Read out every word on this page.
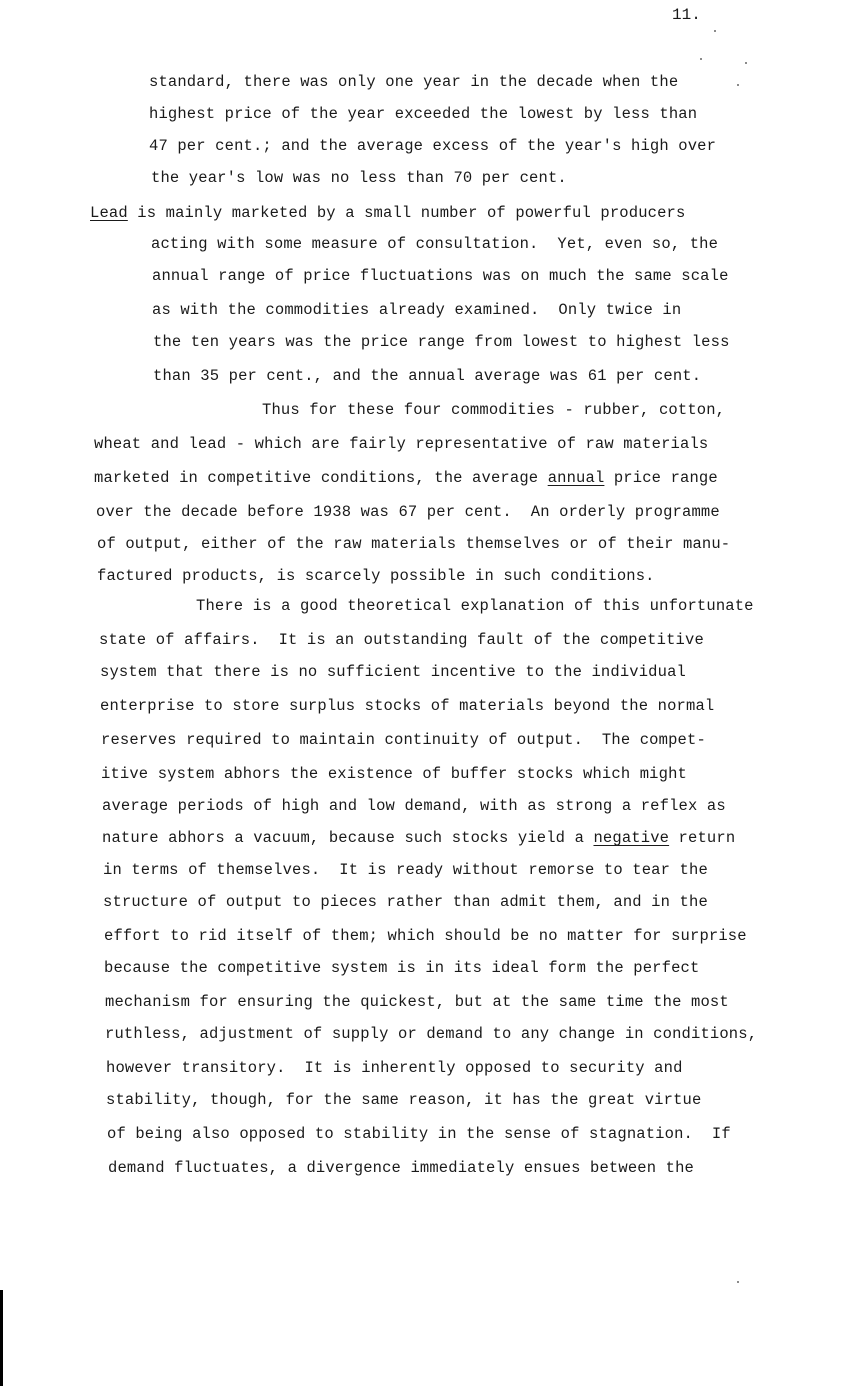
11.
standard, there was only one year in the decade when the
highest price of the year exceeded the lowest by less than
47 per cent.; and the average excess of the year's high over
the year's low was no less than 70 per cent.
Lead is mainly marketed by a small number of powerful producers
acting with some measure of consultation.  Yet, even so, the
annual range of price fluctuations was on much the same scale
as with the commodities already examined.  Only twice in
the ten years was the price range from lowest to highest less
than 35 per cent., and the annual average was 61 per cent.
Thus for these four commodities - rubber, cotton,
wheat and lead - which are fairly representative of raw materials
marketed in competitive conditions, the average annual price range
over the decade before 1938 was 67 per cent.  An orderly programme
of output, either of the raw materials themselves or of their manu-
factured products, is scarcely possible in such conditions.
There is a good theoretical explanation of this unfortunate
state of affairs.  It is an outstanding fault of the competitive
system that there is no sufficient incentive to the individual
enterprise to store surplus stocks of materials beyond the normal
reserves required to maintain continuity of output.  The compet-
itive system abhors the existence of buffer stocks which might
average periods of high and low demand, with as strong a reflex as
nature abhors a vacuum, because such stocks yield a negative return
in terms of themselves.  It is ready without remorse to tear the
structure of output to pieces rather than admit them, and in the
effort to rid itself of them; which should be no matter for surprise
because the competitive system is in its ideal form the perfect
mechanism for ensuring the quickest, but at the same time the most
ruthless, adjustment of supply or demand to any change in conditions,
however transitory.  It is inherently opposed to security and
stability, though, for the same reason, it has the great virtue
of being also opposed to stability in the sense of stagnation.  If
demand fluctuates, a divergence immediately ensues between the
